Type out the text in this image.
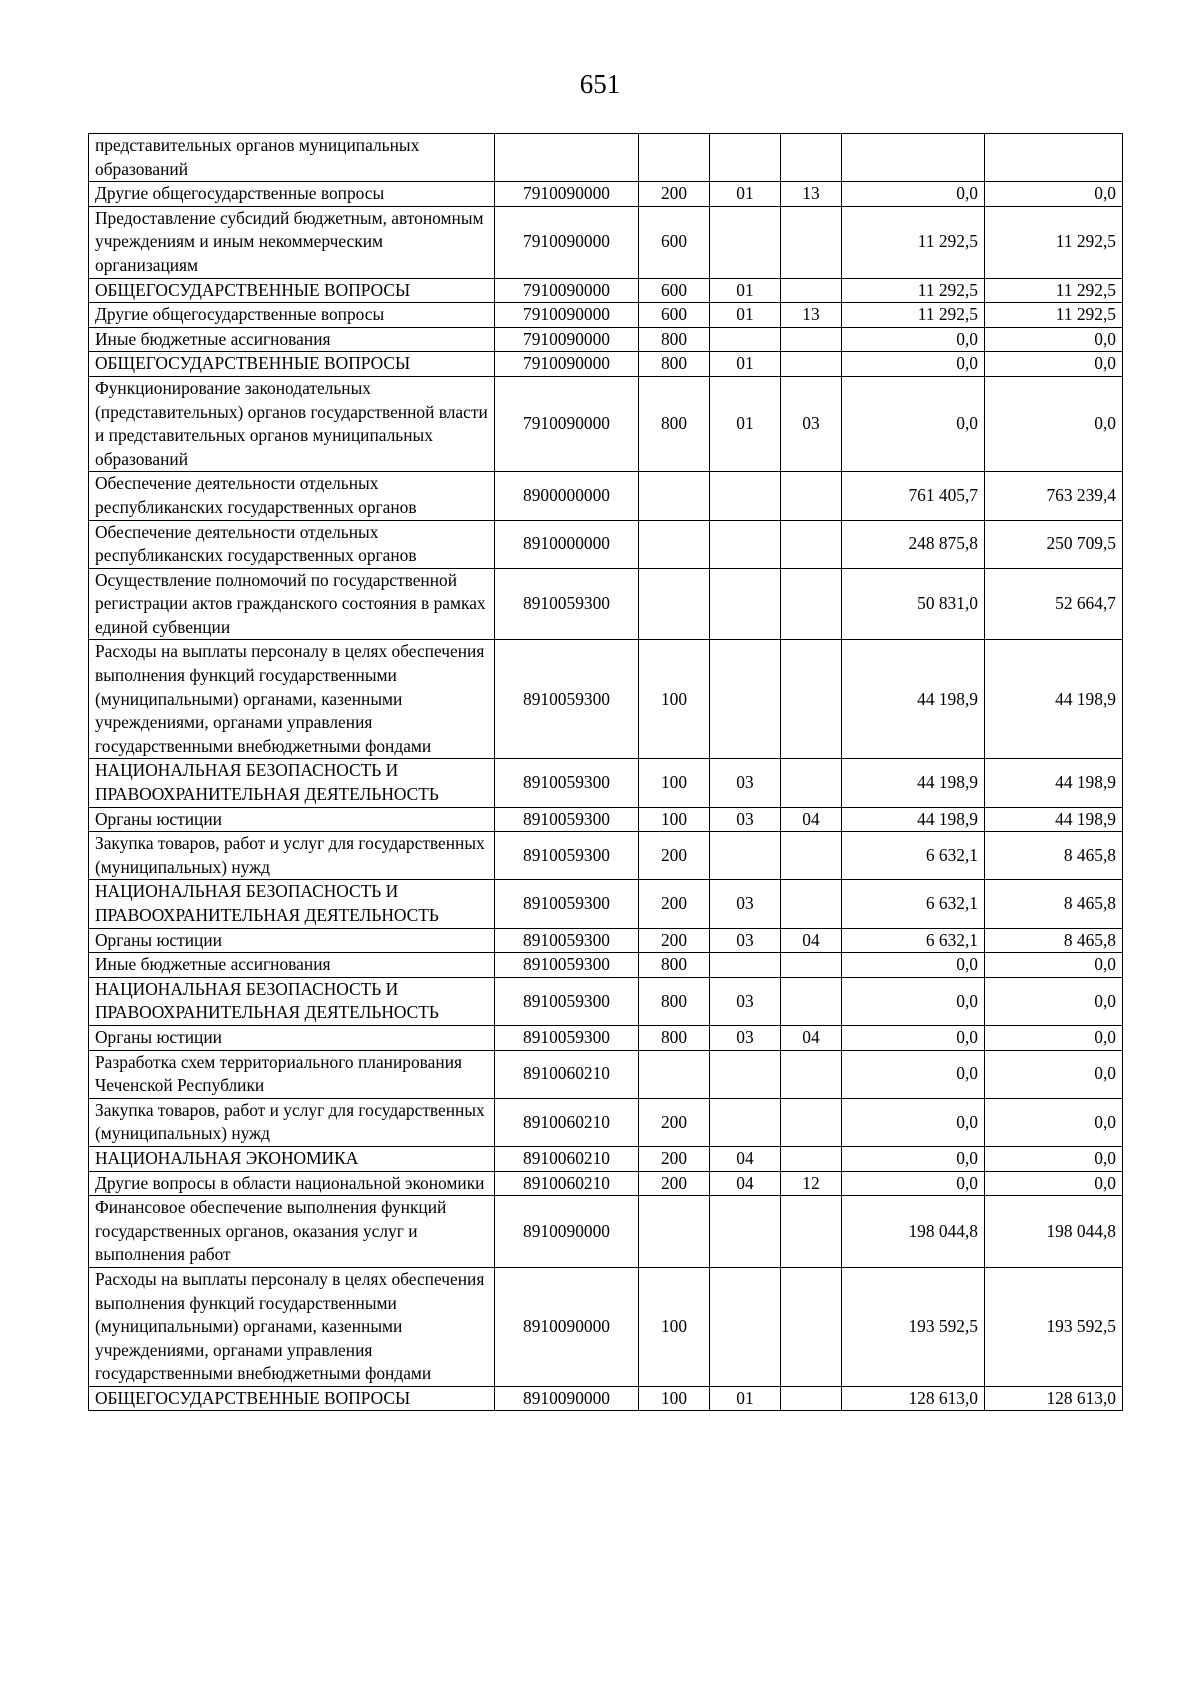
651
представительных органов муниципальных образований						
Другие общегосударственные вопросы	7910090000	200	01	13	0,0	0,0
Предоставление субсидий бюджетным, автономным учреждениям и иным некоммерческим организациям	7910090000	600			11 292,5	11 292,5
ОБЩЕГОСУДАРСТВЕННЫЕ ВОПРОСЫ	7910090000	600	01		11 292,5	11 292,5
Другие общегосударственные вопросы	7910090000	600	01	13	11 292,5	11 292,5
Иные бюджетные ассигнования	7910090000	800			0,0	0,0
ОБЩЕГОСУДАРСТВЕННЫЕ ВОПРОСЫ	7910090000	800	01		0,0	0,0
Функционирование законодательных (представительных) органов государственной власти и представительных органов муниципальных образований	7910090000	800	01	03	0,0	0,0
Обеспечение деятельности отдельных республиканских государственных органов	8900000000				761 405,7	763 239,4
Обеспечение деятельности отдельных республиканских государственных органов	8910000000				248 875,8	250 709,5
Осуществление полномочий по государственной регистрации актов гражданского состояния в рамках единой субвенции	8910059300				50 831,0	52 664,7
Расходы на выплаты персоналу в целях обеспечения выполнения функций государственными (муниципальными) органами, казенными учреждениями, органами управления государственными внебюджетными фондами	8910059300	100			44 198,9	44 198,9
НАЦИОНАЛЬНАЯ БЕЗОПАСНОСТЬ И ПРАВООХРАНИТЕЛЬНАЯ ДЕЯТЕЛЬНОСТЬ	8910059300	100	03		44 198,9	44 198,9
Органы юстиции	8910059300	100	03	04	44 198,9	44 198,9
Закупка товаров, работ и услуг для государственных (муниципальных) нужд	8910059300	200			6 632,1	8 465,8
НАЦИОНАЛЬНАЯ БЕЗОПАСНОСТЬ И ПРАВООХРАНИТЕЛЬНАЯ ДЕЯТЕЛЬНОСТЬ	8910059300	200	03		6 632,1	8 465,8
Органы юстиции	8910059300	200	03	04	6 632,1	8 465,8
Иные бюджетные ассигнования	8910059300	800			0,0	0,0
НАЦИОНАЛЬНАЯ БЕЗОПАСНОСТЬ И ПРАВООХРАНИТЕЛЬНАЯ ДЕЯТЕЛЬНОСТЬ	8910059300	800	03		0,0	0,0
Органы юстиции	8910059300	800	03	04	0,0	0,0
Разработка схем территориального планирования Чеченской Республики	8910060210				0,0	0,0
Закупка товаров, работ и услуг для государственных (муниципальных) нужд	8910060210	200			0,0	0,0
НАЦИОНАЛЬНАЯ ЭКОНОМИКА	8910060210	200	04		0,0	0,0
Другие вопросы в области национальной экономики	8910060210	200	04	12	0,0	0,0
Финансовое обеспечение выполнения функций государственных органов, оказания услуг и выполнения работ	8910090000				198 044,8	198 044,8
Расходы на выплаты персоналу в целях обеспечения выполнения функций государственными (муниципальными) органами, казенными учреждениями, органами управления государственными внебюджетными фондами	8910090000	100			193 592,5	193 592,5
ОБЩЕГОСУДАРСТВЕННЫЕ ВОПРОСЫ	8910090000	100	01		128 613,0	128 613,0
